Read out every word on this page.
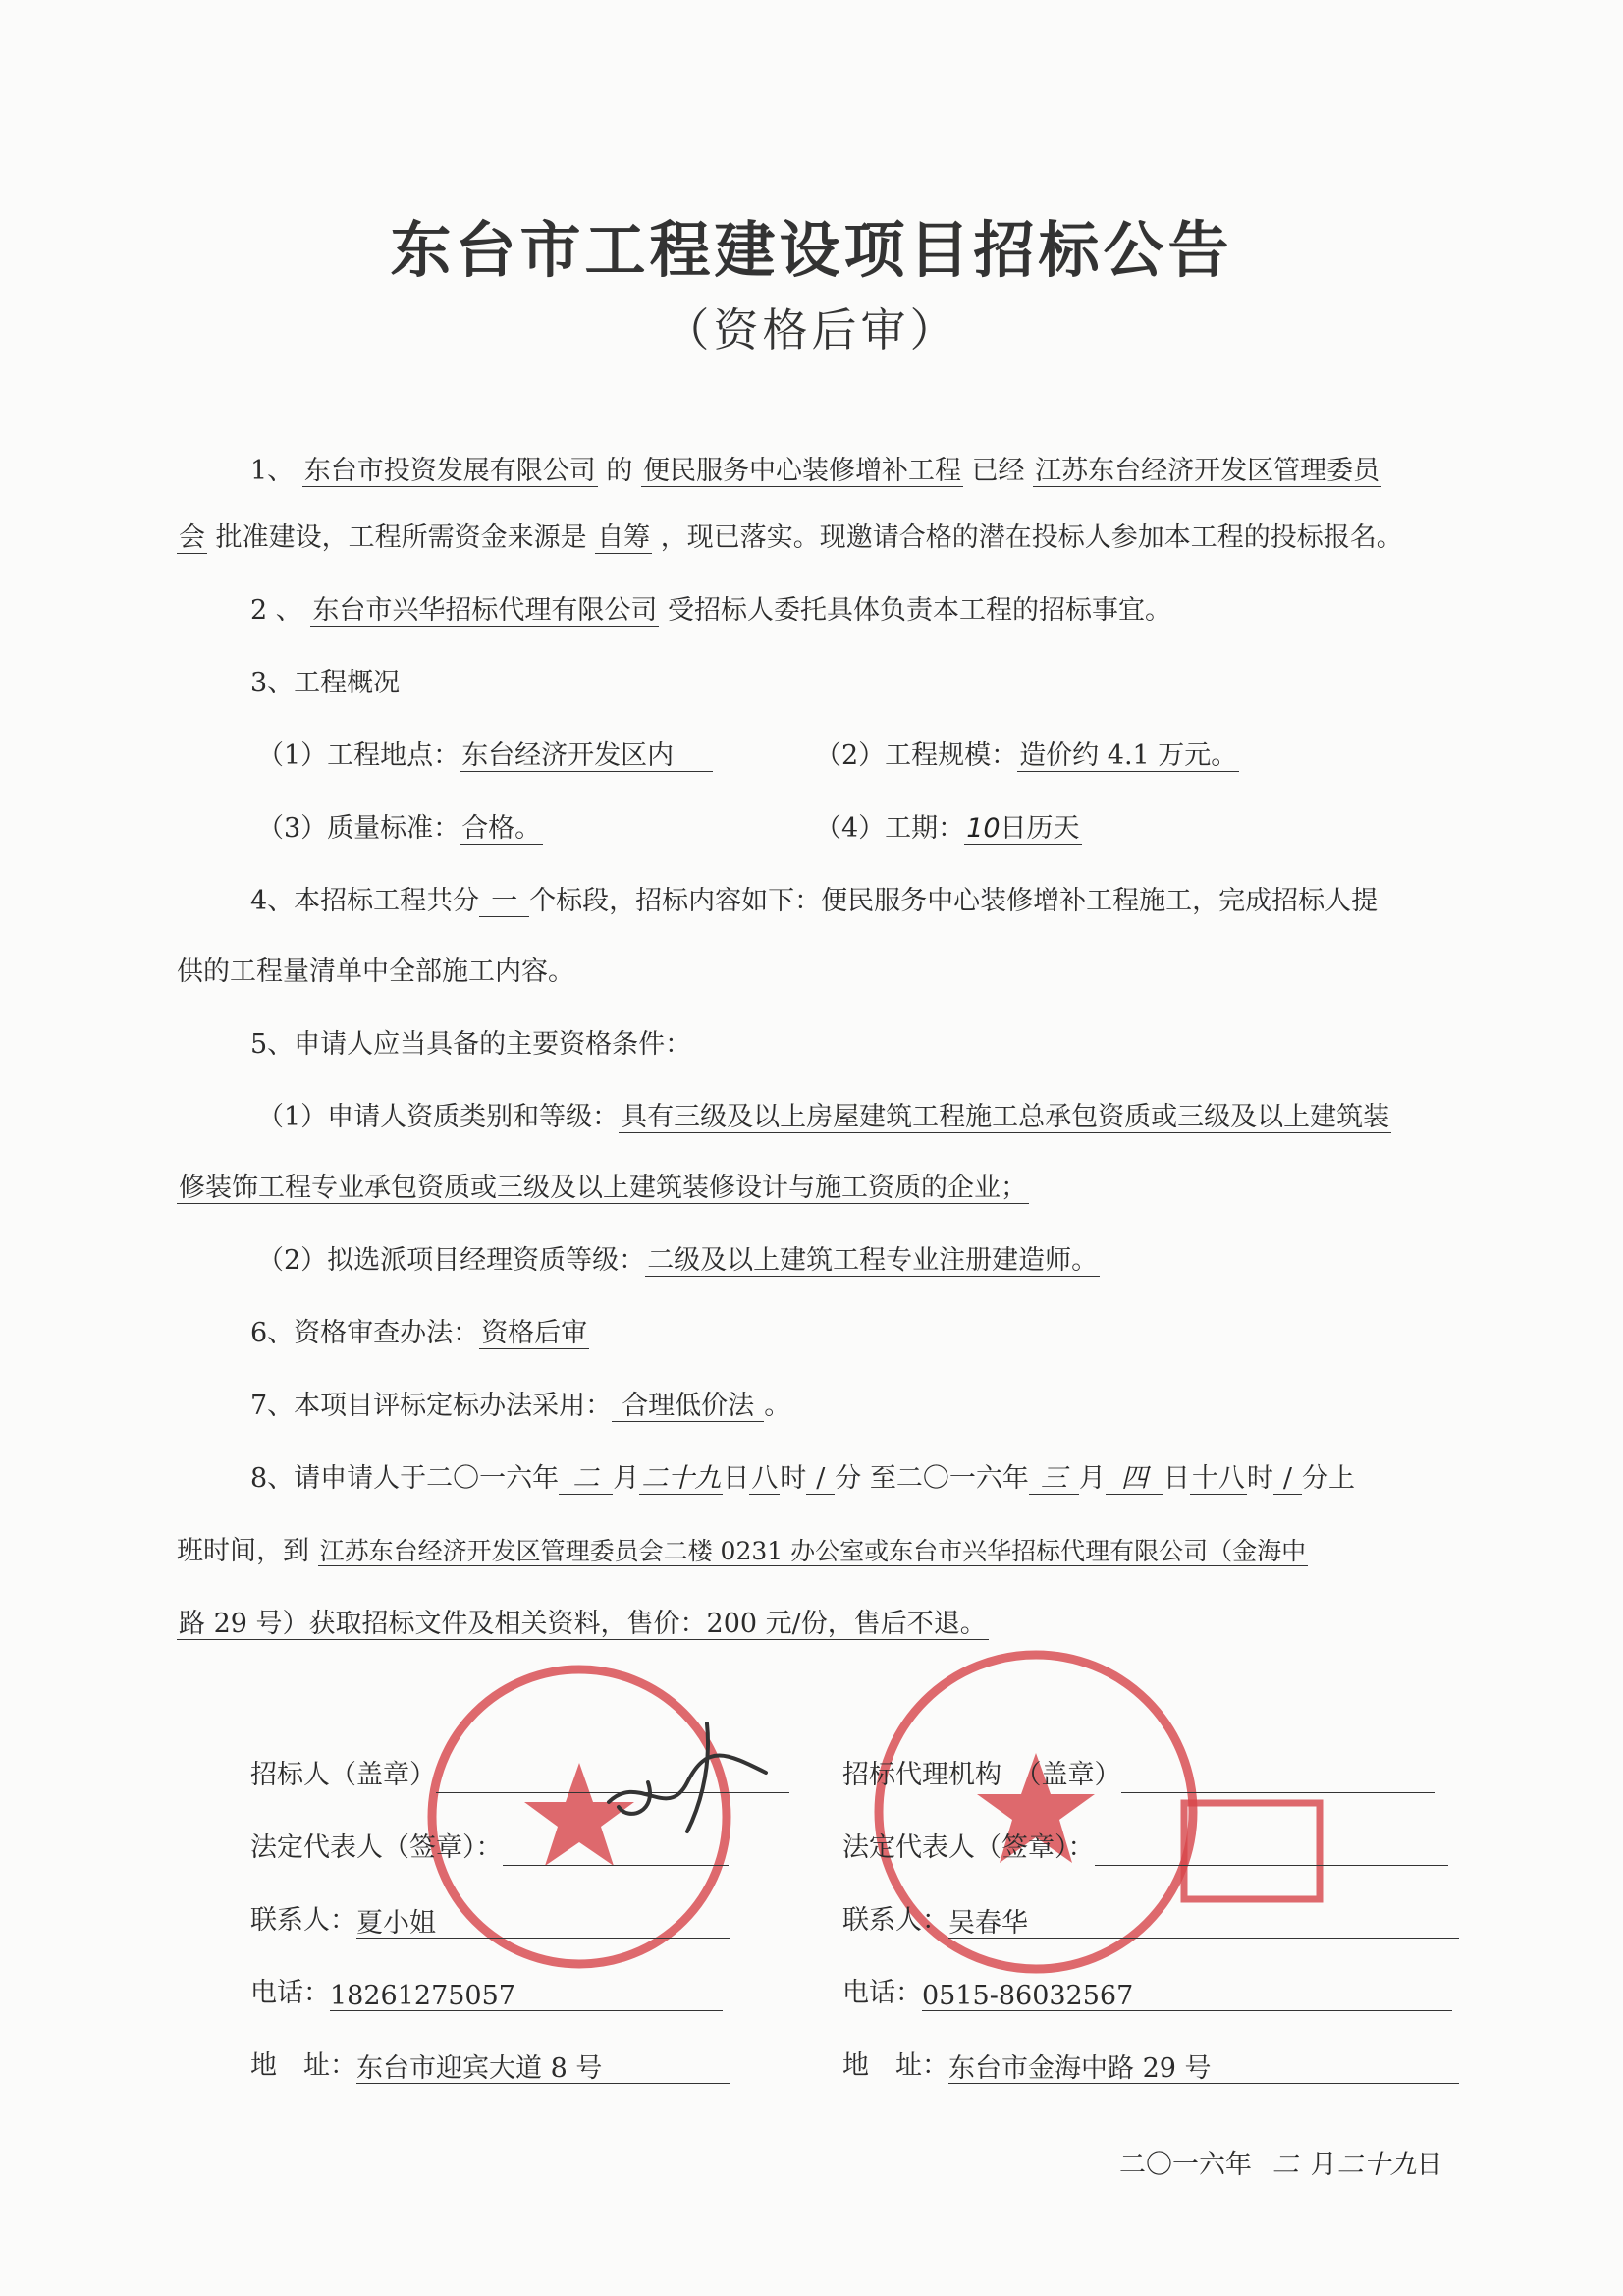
东台市工程建设项目招标公告
（资格后审）
1、 东台市投资发展有限公司 的 便民服务中心装修增补工程 已经 江苏东台经济开发区管理委员
会 批准建设，工程所需资金来源是 自筹 ，现已落实。现邀请合格的潜在投标人参加本工程的投标报名。
2 、 东台市兴华招标代理有限公司 受招标人委托具体负责本工程的招标事宜。
3、工程概况
（1）工程地点：东台经济开发区内	（2）工程规模：造价约 4.1 万元。
（3）质量标准：合格。	（4）工期：10日历天
4、本招标工程共分 一 个标段，招标内容如下：便民服务中心装修增补工程施工，完成招标人提
供的工程量清单中全部施工内容。
5、申请人应当具备的主要资格条件：
（1）申请人资质类别和等级：具有三级及以上房屋建筑工程施工总承包资质或三级及以上建筑装
修装饰工程专业承包资质或三级及以上建筑装修设计与施工资质的企业；
（2）拟选派项目经理资质等级：二级及以上建筑工程专业注册建造师。
6、资格审查办法：资格后审
7、本项目评标定标办法采用： 合理低价法 。
8、请申请人于二〇一六年 二 月二十九日八时 / 分 至二〇一六年 三 月 四 日十八时 / 分上
班时间，到 江苏东台经济开发区管理委员会二楼 0231 办公室或东台市兴华招标代理有限公司（金海中
路 29 号）获取招标文件及相关资料，售价：200 元/份，售后不退。
招标人（盖章）
法定代表人（签章）：
联系人：夏小姐
电话：18261275057
地　址：东台市迎宾大道 8 号
招标代理机构　（盖章）
法定代表人（签章）：
联系人：吴春华
电话：0515-86032567
地　址：东台市金海中路 29 号
二〇一六年 二 月二十九日
